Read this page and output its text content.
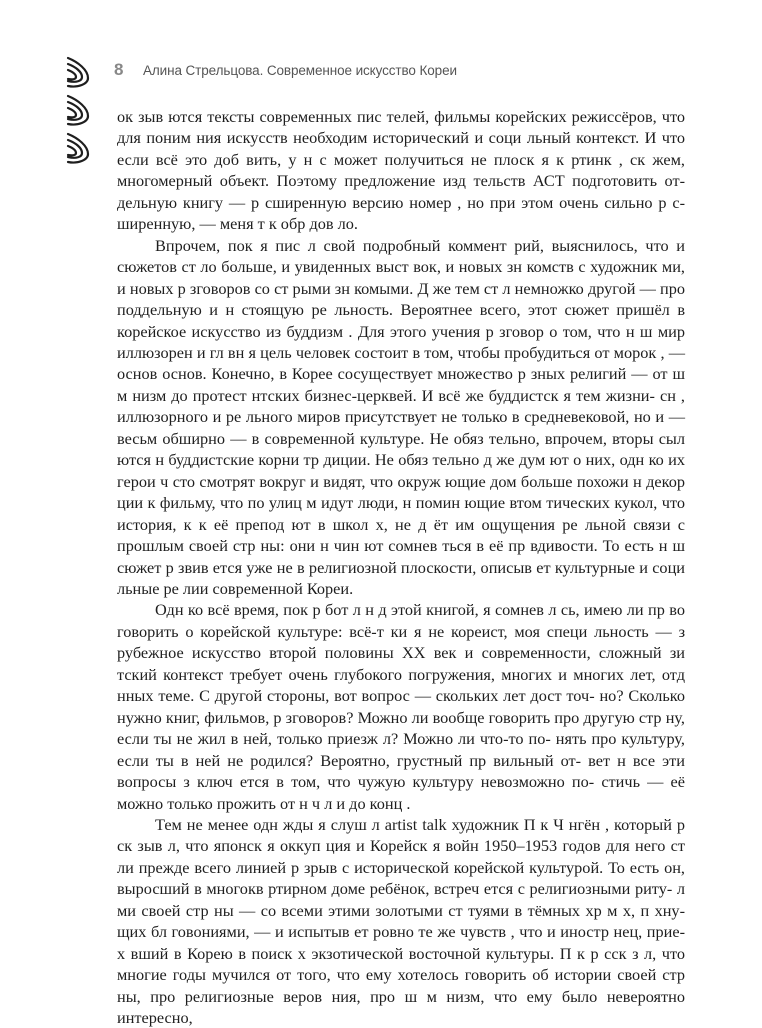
8 Алина Стрельцова. Современное искусство Кореи

ок зыв ются тексты современных пис телей, фильмы корейских режиссёров, что для поним ния искусств необходим исторический и соци льный контекст. И что если всё это доб вить, у н с может получиться не плоск я к ртинк , ск жем, многомерный объект. Поэтому предложение изд тельств АСТ подготовить от- дельную книгу — р сширенную версию номер , но при этом очень сильно р с- ширенную, — меня т к обр дов ло.

Впрочем, пок я пис л свой подробный коммент рий, выяснилось, что и сюжетов ст ло больше, и увиденных выст вок, и новых зн комств с художник ми, и новых р зговоров со ст рыми зн комыми. Д же тем ст л немножко другой — про поддельную и н стоящую ре льность. Вероятнее всего, этот сюжет пришёл в корейское искусство из буддизм . Для этого учения р зговор о том, что н ш мир иллюзорен и гл вн я цель человек состоит в том, чтобы пробудиться от морок , — основ основ. Конечно, в Корее сосуществует множество р зных религий — от ш м низм до протест нтских бизнес-церквей. И всё же буддистск я тем жизни- сн , иллюзорного и ре льного миров присутствует не только в средневековой, но и — весьм обширно — в современной культуре. Не обяз тельно, впрочем, вторы сыл ются н буддистские корни тр диции. Не обяз тельно д же дум ют о них, одн ко их герои ч сто смотрят вокруг и видят, что окруж ющие дом больше похожи н декор ции к фильму, что по улиц м идут люди, н помин ющие втом тических кукол, что история, к к её препод ют в школ х, не д ёт им ощущения ре льной связи с прошлым своей стр ны: они н чин ют сомнев ться в её пр вдивости. То есть н ш сюжет р звив ется уже не в религиозной плоскости, описыв ет культурные и соци льные ре лии современной Кореи.

Одн ко всё время, пок р бот л н д этой книгой, я сомнев л сь, имею ли пр во говорить о корейской культуре: всё-т ки я не кореист, моя специ льность — з рубежное искусство второй половины XX век и современности, сложный зи тский контекст требует очень глубокого погружения, многих и многих лет, отд нных теме. С другой стороны, вот вопрос — скольких лет дост точ- но? Сколько нужно книг, фильмов, р зговоров? Можно ли вообще говорить про другую стр ну, если ты не жил в ней, только приезж л? Можно ли что-то по- нять про культуру, если ты в ней не родился? Вероятно, грустный пр вильный от- вет н все эти вопросы з ключ ется в том, что чужую культуру невозможно по- стичь — её можно только прожить от н ч л и до конц .

Тем не менее одн жды я слуш л artist talk художник П к Ч нгён , который р ск зыв л, что японск я оккуп ция и Корейск я войн 1950–1953 годов для него ст ли прежде всего линией р зрыв с исторической корейской культурой. То есть он, выросший в многокв ртирном доме ребёнок, встреч ется с религиозными риту- л ми своей стр ны — со всеми этими золотыми ст туями в тёмных хр м х, п хну- щих бл говониями, — и испытыв ет ровно те же чувств , что и иностр нец, прие- х вший в Корею в поиск х экзотической восточной культуры. П к р сск з л, что многие годы мучился от того, что ему хотелось говорить об истории своей стр ны, про религиозные веров ния, про ш м низм, что ему было невероятно интересно,
